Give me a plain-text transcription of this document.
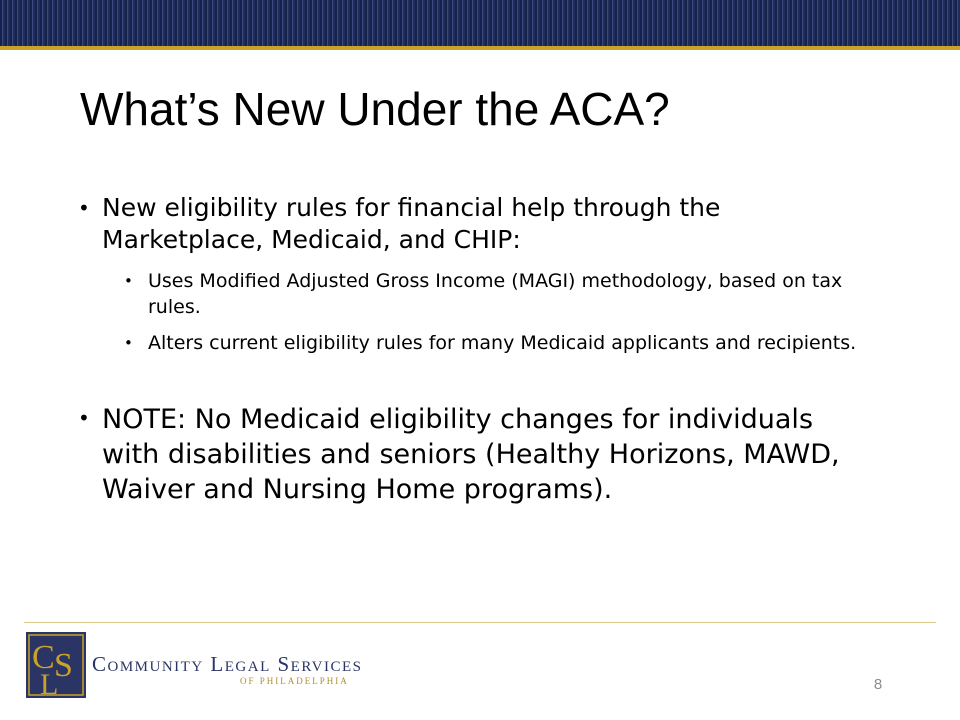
What’s New Under the ACA?
• New eligibility rules for financial help through the Marketplace, Medicaid, and CHIP:
• Uses Modified Adjusted Gross Income (MAGI) methodology, based on tax rules.
• Alters current eligibility rules for many Medicaid applicants and recipients.
• NOTE: No Medicaid eligibility changes for individuals with disabilities and seniors (Healthy Horizons, MAWD, Waiver and Nursing Home programs).
C S
L
Community Legal Services
OF PHILADELPHIA	8
